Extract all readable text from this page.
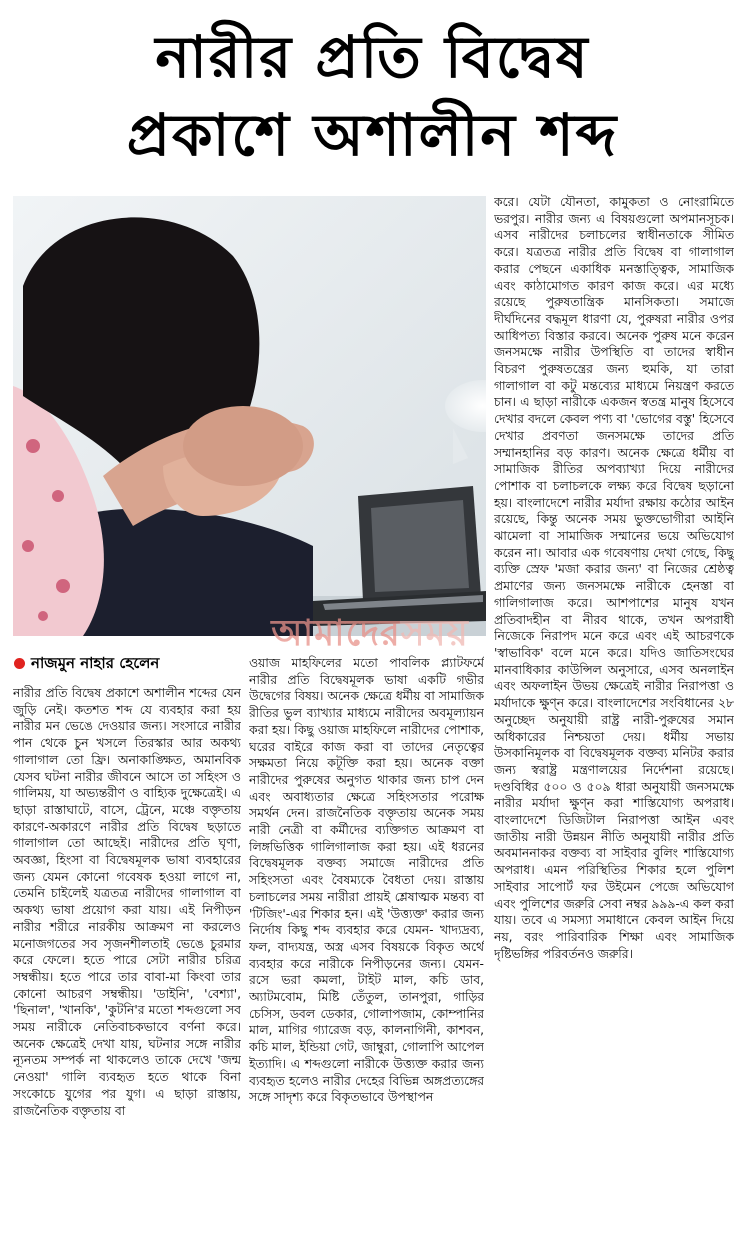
নারীর প্রতি বিদ্বেষ
প্রকাশে অশালীন শব্দ
আমাদেরসময়
নাজমুন নাহার হেলেন

নারীর প্রতি বিদ্বেষ প্রকাশে অশালীন শব্দের যেন জুড়ি নেই। কতশত শব্দ যে ব্যবহার করা হয় নারীর মন ভেঙে দেওয়ার জন্য। সংসারে নারীর পান থেকে চুন খসলে তিরস্কার আর অকথ্য গালাগাল তো ফ্রি। অনাকাঙ্ক্ষিত, অমানবিক যেসব ঘটনা নারীর জীবনে আসে তা সহিংস ও গালিময়, যা অভ্যন্তরীণ ও বাহ্যিক দুক্ষেত্রেই। এ ছাড়া রাস্তাঘাটে, বাসে, ট্রেনে, মঞ্চে বক্তৃতায় কারণে-অকারণে নারীর প্রতি বিদ্বেষ ছড়াতে গালাগাল তো আছেই। নারীদের প্রতি ঘৃণা, অবজ্ঞা, হিংসা বা বিদ্বেষমূলক ভাষা ব্যবহারের জন্য যেমন কোনো গবেষক হওয়া লাগে না, তেমনি চাইলেই যত্রতত্র নারীদের গালাগাল বা অকথ্য ভাষা প্রয়োগ করা যায়। এই নিপীড়ন নারীর শরীরে নারকীয় আক্রমণ না করলেও মনোজগতের সব সৃজনশীলতাই ভেঙে চুরমার করে ফেলে। হতে পারে সেটা নারীর চরিত্র সম্বন্ধীয়। হতে পারে তার বাবা-মা কিংবা তার কোনো আচরণ সম্বন্ধীয়। 'ডাইনি', 'বেশ্যা', 'ছিনাল', 'খানকি', 'কুটনি'র মতো শব্দগুলো সব সময় নারীকে নেতিবাচকভাবে বর্ণনা করে। অনেক ক্ষেত্রেই দেখা যায়, ঘটনার সঙ্গে নারীর ন্যূনতম সম্পর্ক না থাকলেও তাকে দেখে 'জন্ম নেওয়া' গালি ব্যবহৃত হতে থাকে বিনা সংকোচে যুগের পর যুগ। এ ছাড়া রাস্তায়, রাজনৈতিক বক্তৃতায় বা

ওয়াজ মাহফিলের মতো পাবলিক প্ল্যাটফর্মে নারীর প্রতি বিদ্বেষমূলক ভাষা একটি গভীর উদ্বেগের বিষয়। অনেক ক্ষেত্রে ধর্মীয় বা সামাজিক রীতির ভুল ব্যাখ্যার মাধ্যমে নারীদের অবমূল্যায়ন করা হয়। কিছু ওয়াজ মাহফিলে নারীদের পোশাক, ঘরের বাইরে কাজ করা বা তাদের নেতৃত্বের সক্ষমতা নিয়ে কটূক্তি করা হয়। অনেক বক্তা নারীদের পুরুষের অনুগত থাকার জন্য চাপ দেন এবং অবাধ্যতার ক্ষেত্রে সহিংসতার পরোক্ষ সমর্থন দেন। রাজনৈতিক বক্তৃতায় অনেক সময় নারী নেত্রী বা কর্মীদের ব্যক্তিগত আক্রমণ বা লিঙ্গভিত্তিক গালিগালাজ করা হয়। এই ধরনের বিদ্বেষমূলক বক্তব্য সমাজে নারীদের প্রতি সহিংসতা এবং বৈষম্যকে বৈধতা দেয়। রাস্তায় চলাচলের সময় নারীরা প্রায়ই শ্লেষাত্মক মন্তব্য বা 'টিজিং'-এর শিকার হন। এই 'উত্ত্যক্ত' করার জন্য নির্দোষ কিছু শব্দ ব্যবহার করে যেমন- খাদ্যদ্রব্য, ফল, বাদ্যযন্ত্র, অস্ত্র এসব বিষয়কে বিকৃত অর্থে ব্যবহার করে নারীকে নিপীড়নের জন্য। যেমন- রসে ভরা কমলা, টাইট মাল, কচি ডাব, অ্যাটমবোম, মিষ্টি তেঁতুল, তানপুরা, গাড়ির চেসিস, ডবল ডেকার, গোলাপজাম, কোম্পানির মাল, মাগির গ্যারেজ বড়, কালনাগিনী, কাশবন, কচি মাল, ইন্ডিয়া গেট, জাম্বুরা, গোলাপি আপেল ইত্যাদি। এ শব্দগুলো নারীকে উত্ত্যক্ত করার জন্য ব্যবহৃত হলেও নারীর দেহের বিভিন্ন অঙ্গপ্রত্যঙ্গের সঙ্গে সাদৃশ্য করে বিকৃতভাবে উপস্থাপন

করে। যেটা যৌনতা, কামুকতা ও নোংরামিতে ভরপুর। নারীর জন্য এ বিষয়গুলো অপমানসূচক। এসব নারীদের চলাচলের স্বাধীনতাকে সীমিত করে। যত্রতত্র নারীর প্রতি বিদ্বেষ বা গালাগাল করার পেছনে একাধিক মনস্তাত্ত্বিক, সামাজিক এবং কাঠামোগত কারণ কাজ করে। এর মধ্যে রয়েছে পুরুষতান্ত্রিক মানসিকতা। সমাজে দীর্ঘদিনের বদ্ধমূল ধারণা যে, পুরুষরা নারীর ওপর আধিপত্য বিস্তার করবে। অনেক পুরুষ মনে করেন জনসমক্ষে নারীর উপস্থিতি বা তাদের স্বাধীন বিচরণ পুরুষতন্ত্রের জন্য হুমকি, যা তারা গালাগাল বা কটু মন্তব্যের মাধ্যমে নিয়ন্ত্রণ করতে চান। এ ছাড়া নারীকে একজন স্বতন্ত্র মানুষ হিসেবে দেখার বদলে কেবল পণ্য বা 'ভোগের বস্তু' হিসেবে দেখার প্রবণতা জনসমক্ষে তাদের প্রতি সম্মানহানির বড় কারণ। অনেক ক্ষেত্রে ধর্মীয় বা সামাজিক রীতির অপব্যাখ্যা দিয়ে নারীদের পোশাক বা চলাচলকে লক্ষ্য করে বিদ্বেষ ছড়ানো হয়। বাংলাদেশে নারীর মর্যাদা রক্ষায় কঠোর আইন রয়েছে, কিন্তু অনেক সময় ভুক্তভোগীরা আইনি ঝামেলা বা সামাজিক সম্মানের ভয়ে অভিযোগ করেন না। আবার এক গবেষণায় দেখা গেছে, কিছু ব্যক্তি স্রেফ 'মজা করার জন্য' বা নিজের শ্রেষ্ঠত্ব প্রমাণের জন্য জনসমক্ষে নারীকে হেনস্তা বা গালিগালাজ করে। আশপাশের মানুষ যখন প্রতিবাদহীন বা নীরব থাকে, তখন অপরাধী নিজেকে নিরাপদ মনে করে এবং এই আচরণকে 'স্বাভাবিক' বলে মনে করে। যদিও জাতিসংঘের মানবাধিকার কাউন্সিল অনুসারে, এসব অনলাইন এবং অফলাইন উভয় ক্ষেত্রেই নারীর নিরাপত্তা ও মর্যাদাকে ক্ষুণ্ন করে। বাংলাদেশের সংবিধানের ২৮ অনুচ্ছেদ অনুযায়ী রাষ্ট্র নারী-পুরুষের সমান অধিকারের নিশ্চয়তা দেয়। ধর্মীয় সভায় উসকানিমূলক বা বিদ্বেষমূলক বক্তব্য মনিটর করার জন্য স্বরাষ্ট্র মন্ত্রণালয়ের নির্দেশনা রয়েছে। দণ্ডবিধির ৫০০ ও ৫০৯ ধারা অনুযায়ী জনসমক্ষে নারীর মর্যাদা ক্ষুণ্ন করা শাস্তিযোগ্য অপরাধ। বাংলাদেশে ডিজিটাল নিরাপত্তা আইন এবং জাতীয় নারী উন্নয়ন নীতি অনুযায়ী নারীর প্রতি অবমাননাকর বক্তব্য বা সাইবার বুলিং শাস্তিযোগ্য অপরাধ। এমন পরিস্থিতির শিকার হলে পুলিশ সাইবার সাপোর্ট ফর উইমেন পেজে অভিযোগ এবং পুলিশের জরুরি সেবা নম্বর ৯৯৯-এ কল করা যায়। তবে এ সমস্যা সমাধানে কেবল আইন দিয়ে নয়, বরং পারিবারিক শিক্ষা এবং সামাজিক দৃষ্টিভঙ্গির পরিবর্তনও জরুরি।
